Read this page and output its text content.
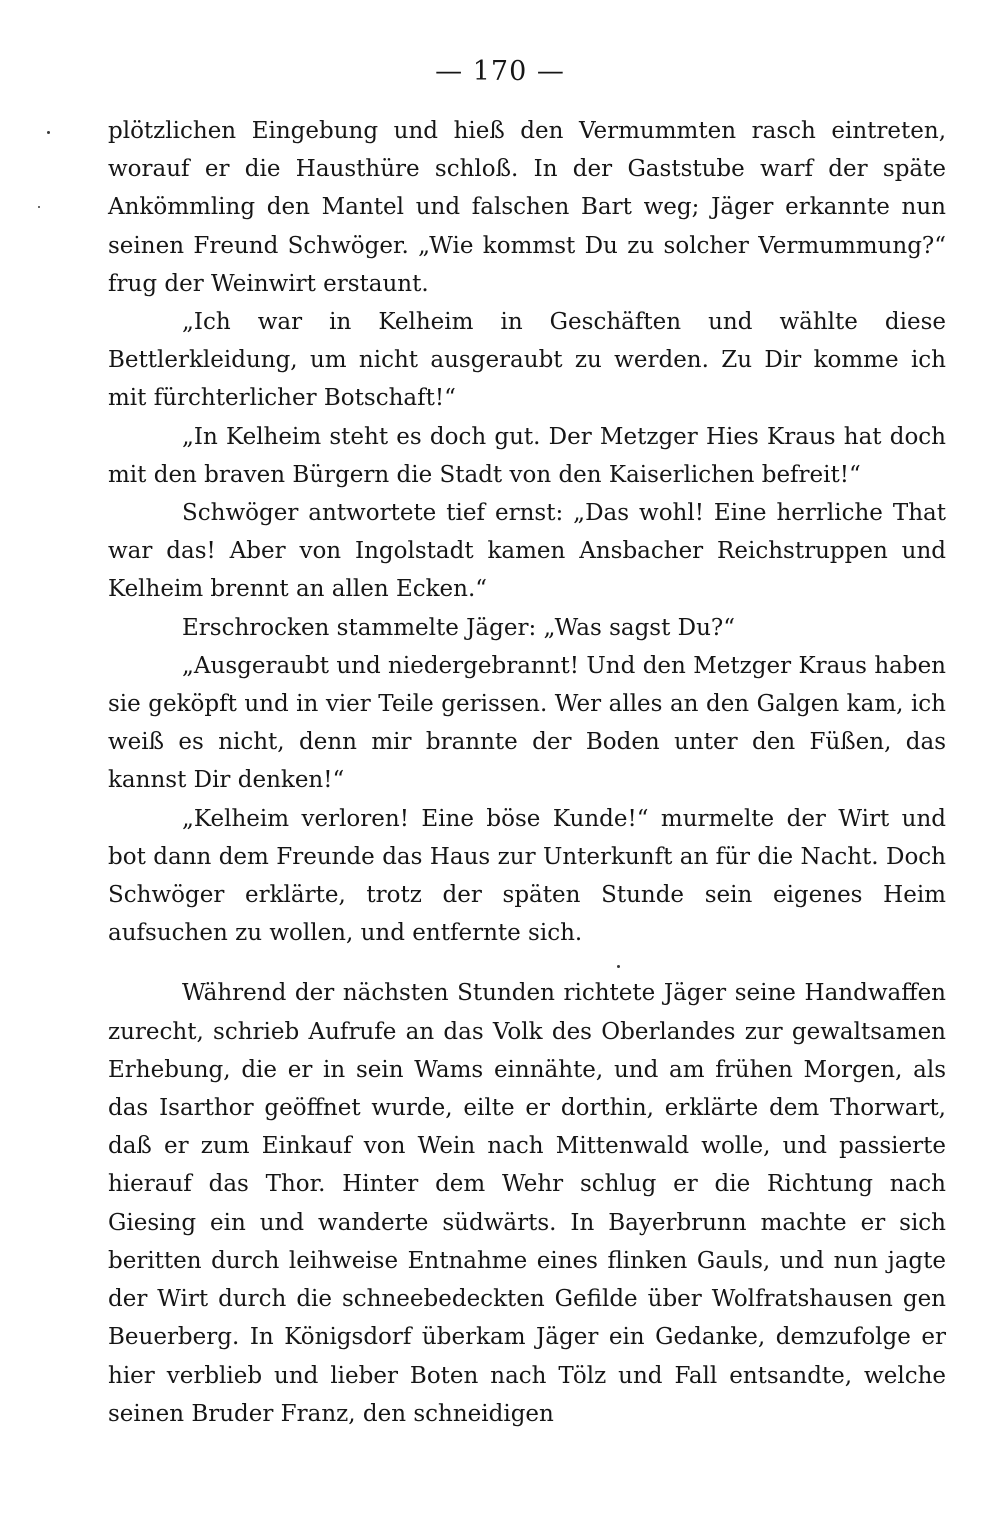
— 170 —

plötzlichen Eingebung und hieß den Vermummten rasch eintreten, worauf er die Hausthüre schloß. In der Gaststube warf der späte Ankömmling den Mantel und falschen Bart weg; Jäger erkannte nun seinen Freund Schwöger. „Wie kommst Du zu solcher Vermummung?“ frug der Weinwirt erstaunt.

„Ich war in Kelheim in Geschäften und wählte diese Bettlerkleidung, um nicht ausgeraubt zu werden. Zu Dir komme ich mit fürchterlicher Botschaft!“

„In Kelheim steht es doch gut. Der Metzger Hies Kraus hat doch mit den braven Bürgern die Stadt von den Kaiserlichen befreit!“

Schwöger antwortete tief ernst: „Das wohl! Eine herrliche That war das! Aber von Ingolstadt kamen Ansbacher Reichstruppen und Kelheim brennt an allen Ecken.“

Erschrocken stammelte Jäger: „Was sagst Du?“

„Ausgeraubt und niedergebrannt! Und den Metzger Kraus haben sie geköpft und in vier Teile gerissen. Wer alles an den Galgen kam, ich weiß es nicht, denn mir brannte der Boden unter den Füßen, das kannst Dir denken!“

„Kelheim verloren! Eine böse Kunde!“ murmelte der Wirt und bot dann dem Freunde das Haus zur Unterkunft an für die Nacht. Doch Schwöger erklärte, trotz der späten Stunde sein eigenes Heim aufsuchen zu wollen, und entfernte sich.

Während der nächsten Stunden richtete Jäger seine Handwaffen zurecht, schrieb Aufrufe an das Volk des Oberlandes zur gewaltsamen Erhebung, die er in sein Wams einnähte, und am frühen Morgen, als das Isarthor geöffnet wurde, eilte er dorthin, erklärte dem Thorwart, daß er zum Einkauf von Wein nach Mittenwald wolle, und passierte hierauf das Thor. Hinter dem Wehr schlug er die Richtung nach Giesing ein und wanderte südwärts. In Bayerbrunn machte er sich beritten durch leihweise Entnahme eines flinken Gauls, und nun jagte der Wirt durch die schneebedeckten Gefilde über Wolfratshausen gen Beuerberg. In Königsdorf überkam Jäger ein Gedanke, demzufolge er hier verblieb und lieber Boten nach Tölz und Fall entsandte, welche seinen Bruder Franz, den schneidigen
